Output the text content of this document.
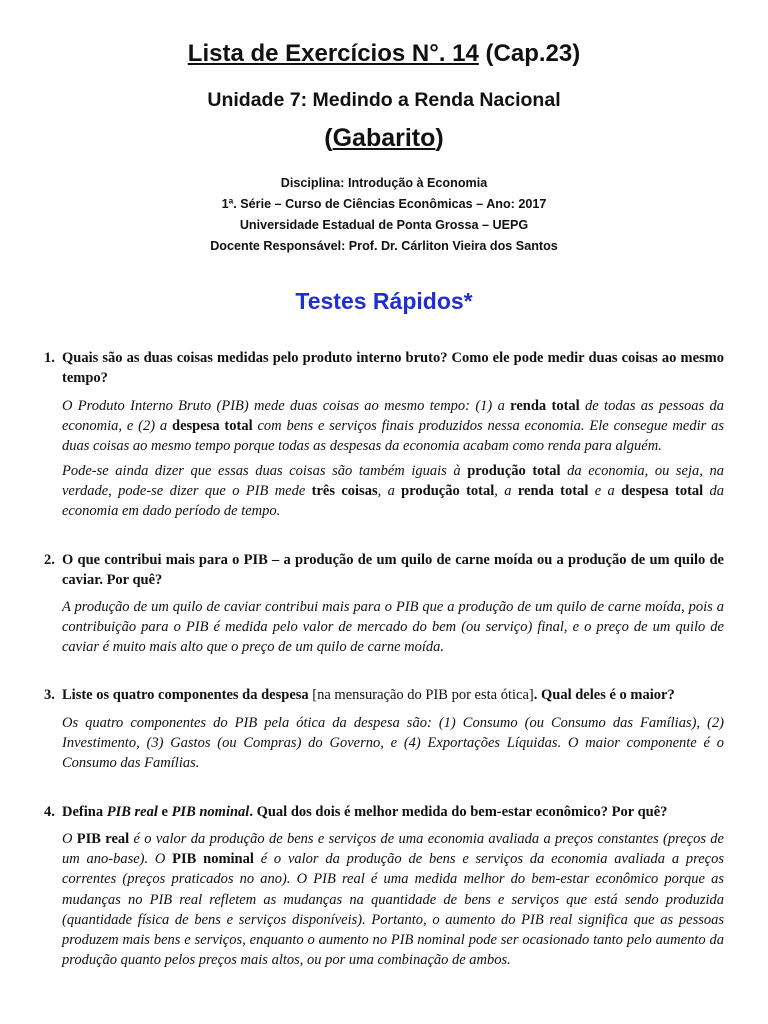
Lista de Exercícios N°. 14 (Cap.23)
Unidade 7: Medindo a Renda Nacional
(Gabarito)
Disciplina: Introdução à Economia
1ª. Série – Curso de Ciências Econômicas – Ano: 2017
Universidade Estadual de Ponta Grossa – UEPG
Docente Responsável: Prof. Dr. Cárliton Vieira dos Santos
Testes Rápidos*
1. Quais são as duas coisas medidas pelo produto interno bruto? Como ele pode medir duas coisas ao mesmo tempo?
O Produto Interno Bruto (PIB) mede duas coisas ao mesmo tempo: (1) a renda total de todas as pessoas da economia, e (2) a despesa total com bens e serviços finais produzidos nessa economia. Ele consegue medir as duas coisas ao mesmo tempo porque todas as despesas da economia acabam como renda para alguém.
Pode-se ainda dizer que essas duas coisas são também iguais à produção total da economia, ou seja, na verdade, pode-se dizer que o PIB mede três coisas, a produção total, a renda total e a despesa total da economia em dado período de tempo.
2. O que contribui mais para o PIB – a produção de um quilo de carne moída ou a produção de um quilo de caviar. Por quê?
A produção de um quilo de caviar contribui mais para o PIB que a produção de um quilo de carne moída, pois a contribuição para o PIB é medida pelo valor de mercado do bem (ou serviço) final, e o preço de um quilo de caviar é muito mais alto que o preço de um quilo de carne moída.
3. Liste os quatro componentes da despesa [na mensuração do PIB por esta ótica]. Qual deles é o maior?
Os quatro componentes do PIB pela ótica da despesa são: (1) Consumo (ou Consumo das Famílias), (2) Investimento, (3) Gastos (ou Compras) do Governo, e (4) Exportações Líquidas. O maior componente é o Consumo das Famílias.
4. Defina PIB real e PIB nominal. Qual dos dois é melhor medida do bem-estar econômico? Por quê?
O PIB real é o valor da produção de bens e serviços de uma economia avaliada a preços constantes (preços de um ano-base). O PIB nominal é o valor da produção de bens e serviços da economia avaliada a preços correntes (preços praticados no ano). O PIB real é uma medida melhor do bem-estar econômico porque as mudanças no PIB real refletem as mudanças na quantidade de bens e serviços que está sendo produzida (quantidade física de bens e serviços disponíveis). Portanto, o aumento do PIB real significa que as pessoas produzem mais bens e serviços, enquanto o aumento no PIB nominal pode ser ocasionado tanto pelo aumento da produção quanto pelos preços mais altos, ou por uma combinação de ambos.
